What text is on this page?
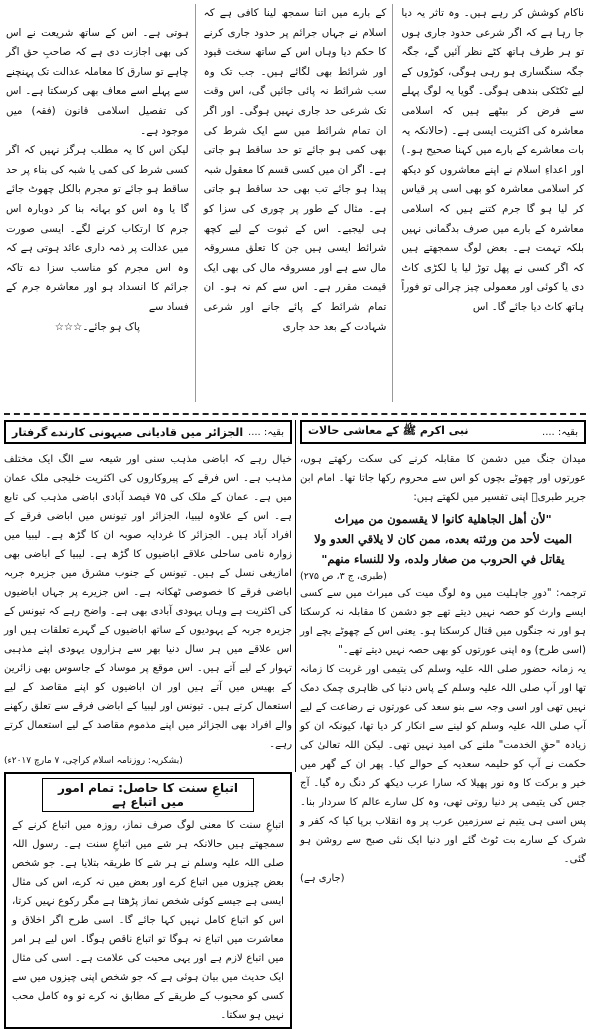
ناکام کوشش کر رہے ہیں۔ وہ تاثر یہ دیا جا رہا ہے کہ اگر شرعی حدود جاری ہوں تو ہر طرف ہاتھ کٹے نظر آئیں گے، جگہ جگہ سنگساری ہو رہی ہوگی، کوڑوں کے لیے ٹکٹکی بندھی ہوگی۔ گویا یہ لوگ پہلے سے فرض کر بیٹھے ہیں کہ اسلامی معاشرہ کی اکثریت ایسی ہے۔ (حالانکہ یہ بات معاشرے کے بارے میں کہنا صحیح ہو۔) اور اعداءِ اسلام نے اپنے معاشروں کو دیکھ کر اسلامی معاشرہ کو بھی اسی پر قیاس کر لیا ہو گا جرم کتنے ہیں کہ اسلامی معاشرہ کے بارے میں صرف بدگمانی نہیں بلکہ تہمت ہے۔ بعض لوگ سمجھتے ہیں کہ اگر کسی نے پھل توڑ لیا یا لکڑی کاٹ دی یا کوئی اور معمولی چیز چرالی تو فوراً ہاتھ کاٹ دیا جائے گا۔ اس
کے بارے میں اتنا سمجھ لینا کافی ہے کہ اسلام نے جہاں جرائم پر حدود جاری کرنے کا حکم دیا وہاں اس کے ساتھ سخت قیود اور شرائط بھی لگائے ہیں۔ جب تک وہ سب شرائط نہ پائی جائیں گی، اس وقت تک شرعی حد جاری نہیں ہوگی۔ اور اگر ان تمام شرائط میں سے ایک شرط کی بھی کمی ہو جائے تو حد ساقط ہو جاتی ہے۔ اگر ان میں کسی قسم کا معقول شبہ پیدا ہو جائے تب بھی حد ساقط ہو جاتی ہے۔ مثال کے طور پر چوری کی سزا کو ہی لیجیے۔ اس کے ثبوت کے لیے کچھ شرائط ایسی ہیں جن کا تعلق مسروقہ مال سے ہے اور مسروقہ مال کی بھی ایک قیمت مقرر ہے۔ اس سے کم نہ ہو۔ ان تمام شرائط کے پائے جانے اور شرعی شہادت کے بعد حد جاری

ہوتی ہے۔ اس کے ساتھ شریعت نے اس کی بھی اجازت دی ہے کہ صاحبِ حق اگر چاہے تو سارق کا معاملہ عدالت تک پہنچنے سے پہلے اسے معاف بھی کرسکتا ہے۔ اس کی تفصیل اسلامی قانون (فقہ) میں موجود ہے۔
لیکن اس کا یہ مطلب ہرگز نہیں کہ اگر کسی شرط کی کمی یا شبہ کی بناء پر حد ساقط ہو جائے تو مجرم بالکل چھوٹ جائے گا یا وہ اس کو بہانہ بنا کر دوبارہ اس جرم کا ارتکاب کرنے لگے۔ ایسی صورت میں عدالت پر ذمہ داری عائد ہوتی ہے کہ وہ اس مجرم کو مناسب سزا دے تاکہ جرائم کا انسداد ہو اور معاشرہ جرم کے فساد سے

پاک ہو جائے۔☆☆☆

بقیہ: ....
نبی اکرم ﷺ کے معاشی حالات
میدان جنگ میں دشمن کا مقابلہ کرنے کی سکت رکھتے ہوں، عورتوں اور چھوٹے بچوں کو اس سے محروم رکھا جاتا تھا۔ امام ابن جریر طبریؒ اپنی تفسیر میں لکھتے ہیں:
"لأن أهل الجاهلية كانوا لا يقسمون من ميراث
الميت لأحد من ورثته بعده، ممن كان لا يلاقي العدو ولا
يقاتل في الحروب من صغار ولده، ولا للنساء منهم"
(طبری، ج ۳، ص ۲۷۵)
ترجمہ: "دورِ جاہلیت میں وہ لوگ میت کی میراث میں سے کسی ایسے وارث کو حصہ نہیں دیتے تھے جو دشمن کا مقابلہ نہ کرسکتا ہو اور نہ جنگوں میں قتال کرسکتا ہو۔ یعنی اس کے چھوٹے بچے اور (اسی طرح) وہ اپنی عورتوں کو بھی حصہ نہیں دیتے تھے۔"
یہ زمانہ حضور صلی اللہ علیہ وسلم کی یتیمی اور غربت کا زمانہ تھا اور آپ صلی اللہ علیہ وسلم کے پاس دنیا کی ظاہری چمک دمک نہیں تھی اور اسی وجہ سے بنو سعد کی عورتوں نے رضاعت کے لیے آپ صلی اللہ علیہ وسلم کو لینے سے انکار کر دیا تھا، کیونکہ ان کو زیادہ "حقِ الخدمت" ملنے کی امید نہیں تھی۔ لیکن اللہ تعالیٰ کی حکمت نے آپ کو حلیمہ سعدیہ کے حوالے کیا۔ پھر ان کے گھر میں خیر و برکت کا وہ نور پھیلا کہ سارا عرب دیکھ کر دنگ رہ گیا۔ آج جس کی یتیمی پر دنیا روتی تھی، وہ کل سارے عالم کا سردار بنا۔ پس اسی ہی یتیم نے سرزمین عرب پر وہ انقلاب برپا کیا کہ کفر و شرک کے سارے بت ٹوٹ گئے اور دنیا ایک نئی صبح سے روشن ہو گئی۔
(جاری ہے)
بقیہ: ....
الجزائر میں قادیانی صیہونی کارندے گرفتار
خیال رہے کہ اباضی مذہب سنی اور شیعہ سے الگ ایک مختلف مذہب ہے۔ اس فرقے کے پیروکاروں کی اکثریت خلیجی ملک عمان میں ہے۔ عمان کے ملک کی ۷۵ فیصد آبادی اباضی مذہب کی تابع ہے۔ اس کے علاوہ لیبیا، الجزائر اور تیونس میں اباضی فرقے کے افراد آباد ہیں۔ الجزائر کا غردایہ صوبہ ان کا گڑھ ہے۔ لیبیا میں زوارہ نامی ساحلی علاقے اباضیوں کا گڑھ ہے۔ لیبیا کے اباضی بھی امازیغی نسل کے ہیں۔ تیونس کے جنوب مشرق میں جزیرہ جربہ اباضی فرقے کا خصوصی ٹھکانہ ہے۔ اس جزیرے پر جہاں اباضیوں کی اکثریت ہے وہاں یہودی آبادی بھی ہے۔ واضح رہے کہ تیونس کے جزیرہ جربہ کے یہودیوں کے ساتھ اباضیوں کے گہرے تعلقات ہیں اور اس علاقے میں ہر سال دنیا بھر سے ہزاروں یہودی اپنے مذہبی تہوار کے لیے آتے ہیں۔ اس موقع پر موساد کے جاسوس بھی زائرین کے بھیس میں آتے ہیں اور ان اباضیوں کو اپنے مقاصد کے لیے استعمال کرتے ہیں۔ تیونس اور لیبیا کے اباضی فرقے سے تعلق رکھنے والے افراد بھی الجزائر میں اپنے مذموم مقاصد کے لیے استعمال کرتے رہے۔
(بشکریہ: روزنامہ اسلام کراچی، ۷ مارچ ۲۰۱۷ء)
اتباعِ سنت کا حاصل: تمام امور میں اتباع ہے
اتباعِ سنت کا معنی لوگ صرف نماز، روزہ میں اتباع کرنے کے سمجھتے ہیں حالانکہ ہر شے میں اتباعِ سنت ہے۔ رسول اللہ صلی اللہ علیہ وسلم نے ہر شے کا طریقہ بتلایا ہے۔ جو شخص بعض چیزوں میں اتباع کرے اور بعض میں نہ کرے، اس کی مثال ایسی ہے جیسے کوئی شخص نماز پڑھتا ہے مگر رکوع نہیں کرتا، اس کو اتباع کامل نہیں کہا جائے گا۔ اسی طرح اگر اخلاق و معاشرت میں اتباع نہ ہوگا تو اتباع ناقص ہوگا۔ اس لیے ہر امر میں اتباع لازم ہے اور یہی محبت کی علامت ہے۔ اسی کی مثال ایک حدیث میں بیان ہوئی ہے کہ جو شخص اپنی چیزوں میں سے کسی کو محبوب کے طریقے کے مطابق نہ کرے تو وہ کامل محب نہیں ہو سکتا۔
